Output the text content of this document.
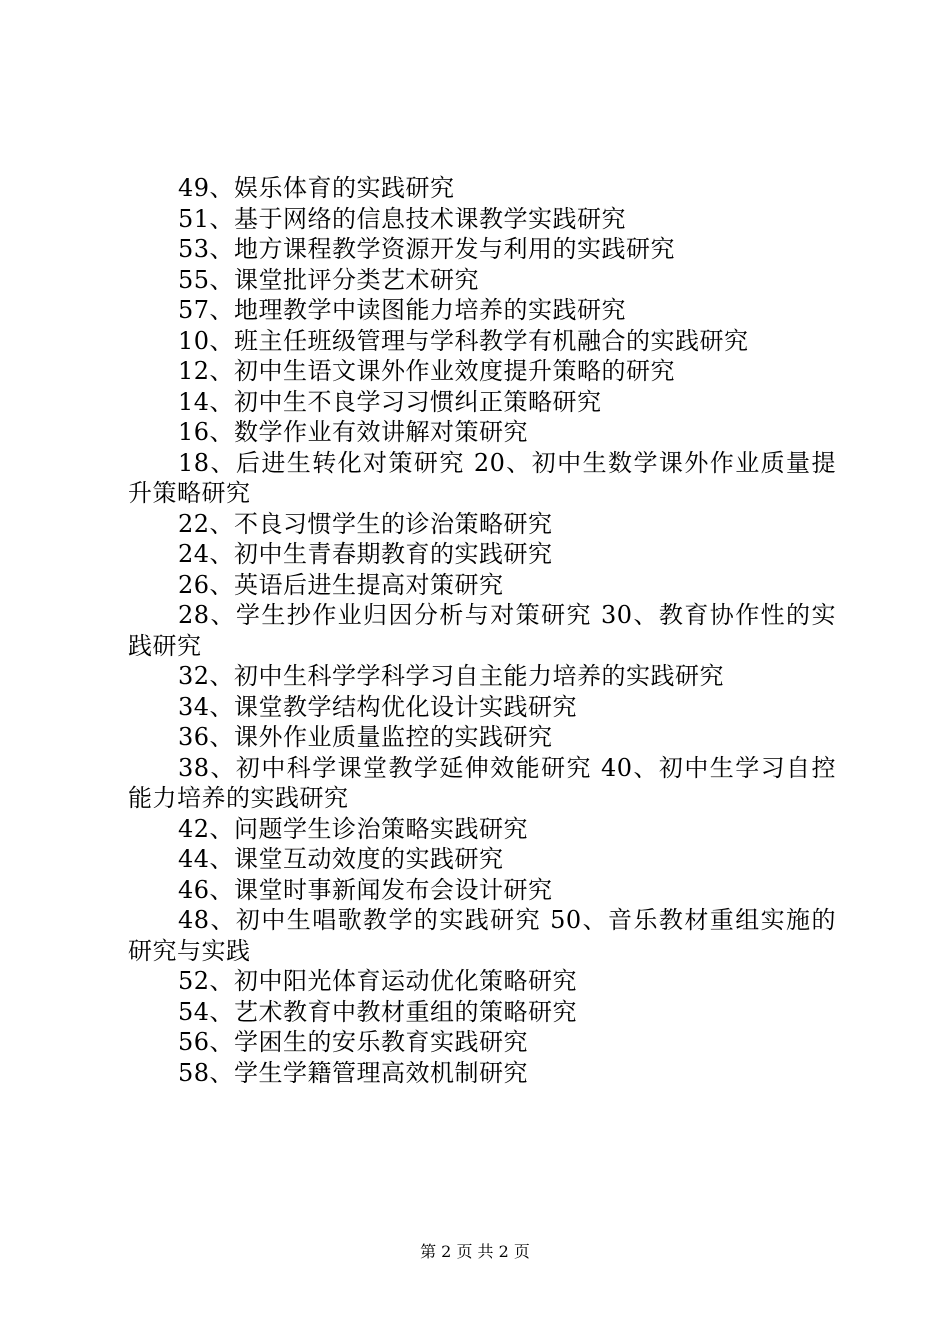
49、娱乐体育的实践研究

51、基于网络的信息技术课教学实践研究

53、地方课程教学资源开发与利用的实践研究

55、课堂批评分类艺术研究

57、地理教学中读图能力培养的实践研究

10、班主任班级管理与学科教学有机融合的实践研究

12、初中生语文课外作业效度提升策略的研究

14、初中生不良学习习惯纠正策略研究

16、数学作业有效讲解对策研究

18、后进生转化对策研究 20、初中生数学课外作业质量提升策略研究

22、不良习惯学生的诊治策略研究

24、初中生青春期教育的实践研究

26、英语后进生提高对策研究

28、学生抄作业归因分析与对策研究 30、教育协作性的实践研究

32、初中生科学学科学习自主能力培养的实践研究

34、课堂教学结构优化设计实践研究

36、课外作业质量监控的实践研究

38、初中科学课堂教学延伸效能研究 40、初中生学习自控能力培养的实践研究

42、问题学生诊治策略实践研究

44、课堂互动效度的实践研究

46、课堂时事新闻发布会设计研究

48、初中生唱歌教学的实践研究 50、音乐教材重组实施的研究与实践

52、初中阳光体育运动优化策略研究

54、艺术教育中教材重组的策略研究

56、学困生的安乐教育实践研究

58、学生学籍管理高效机制研究

第 2 页 共 2 页
